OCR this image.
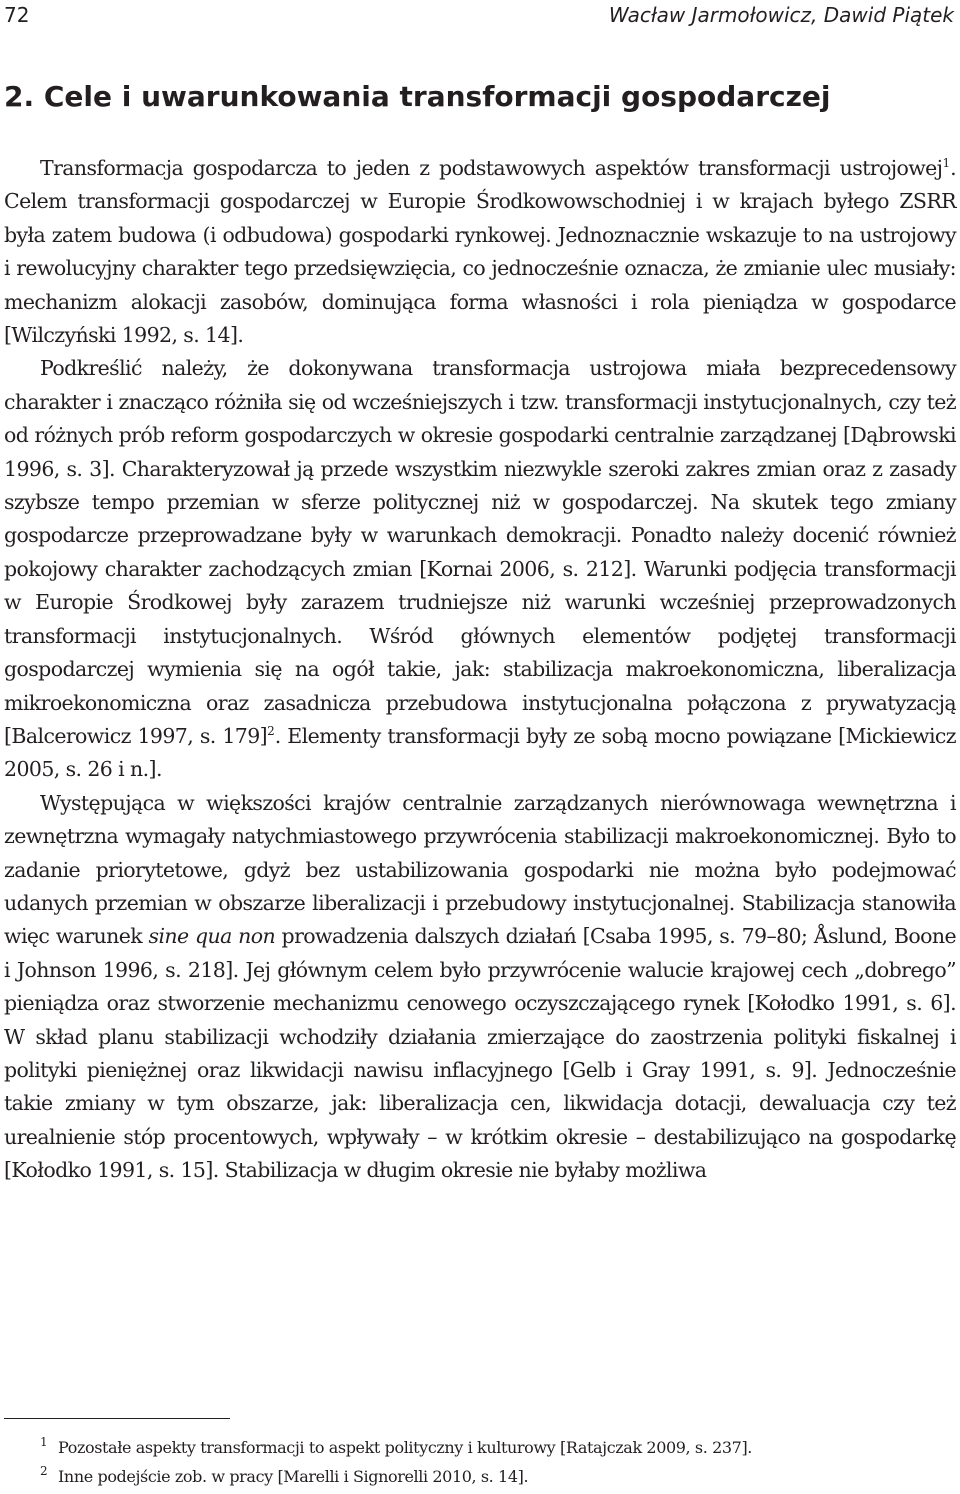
72	Wacław Jarmołowicz, Dawid Piątek
2. Cele i uwarunkowania transformacji gospodarczej

Transformacja gospodarcza to jeden z podstawowych aspektów transformacji ustrojowej$^1$. Celem transformacji gospodarczej w Europie Środkowowschodniej i w krajach byłego ZSRR była zatem budowa (i odbudowa) gospodarki rynkowej. Jednoznacznie wskazuje to na ustrojowy i rewolucyjny charakter tego przedsięwzięcia, co jednocześnie oznacza, że zmianie ulec musiały: mechanizm alokacji zasobów, dominująca forma własności i rola pieniądza w gospodarce [Wilczyński 1992, s. 14].

Podkreślić należy, że dokonywana transformacja ustrojowa miała bezprecedensowy charakter i znacząco różniła się od wcześniejszych i tzw. transformacji instytucjonalnych, czy też od różnych prób reform gospodarczych w okresie gospodarki centralnie zarządzanej [Dąbrowski 1996, s. 3]. Charakteryzował ją przede wszystkim niezwykle szeroki zakres zmian oraz z zasady szybsze tempo przemian w sferze politycznej niż w gospodarczej. Na skutek tego zmiany gospodarcze przeprowadzane były w warunkach demokracji. Ponadto należy docenić również pokojowy charakter zachodzących zmian [Kornai 2006, s. 212]. Warunki podjęcia transformacji w Europie Środkowej były zarazem trudniejsze niż warunki wcześniej przeprowadzonych transformacji instytucjonalnych. Wśród głównych elementów podjętej transformacji gospodarczej wymienia się na ogół takie, jak: stabilizacja makroekonomiczna, liberalizacja mikroekonomiczna oraz zasadnicza przebudowa instytucjonalna połączona z prywatyzacją [Balcerowicz 1997, s. 179]$^2$. Elementy transformacji były ze sobą mocno powiązane [Mickiewicz 2005, s. 26 i n.].

Występująca w większości krajów centralnie zarządzanych nierównowaga wewnętrzna i zewnętrzna wymagały natychmiastowego przywrócenia stabilizacji makroekonomicznej. Było to zadanie priorytetowe, gdyż bez ustabilizowania gospodarki nie można było podejmować udanych przemian w obszarze liberalizacji i przebudowy instytucjonalnej. Stabilizacja stanowiła więc warunek sine qua non prowadzenia dalszych działań [Csaba 1995, s. 79–80; Åslund, Boone i Johnson 1996, s. 218]. Jej głównym celem było przywrócenie walucie krajowej cech „dobrego” pieniądza oraz stworzenie mechanizmu cenowego oczyszczającego rynek [Kołodko 1991, s. 6]. W skład planu stabilizacji wchodziły działania zmierzające do zaostrzenia polityki fiskalnej i polityki pieniężnej oraz likwidacji nawisu inflacyjnego [Gelb i Gray 1991, s. 9]. Jednocześnie takie zmiany w tym obszarze, jak: liberalizacja cen, likwidacja dotacji, dewaluacja czy też urealnienie stóp procentowych, wpływały – w krótkim okresie – destabilizująco na gospodarkę [Kołodko 1991, s. 15]. Stabilizacja w długim okresie nie byłaby możliwa

1 Pozostałe aspekty transformacji to aspekt polityczny i kulturowy [Ratajczak 2009, s. 237].
2 Inne podejście zob. w pracy [Marelli i Signorelli 2010, s. 14].
